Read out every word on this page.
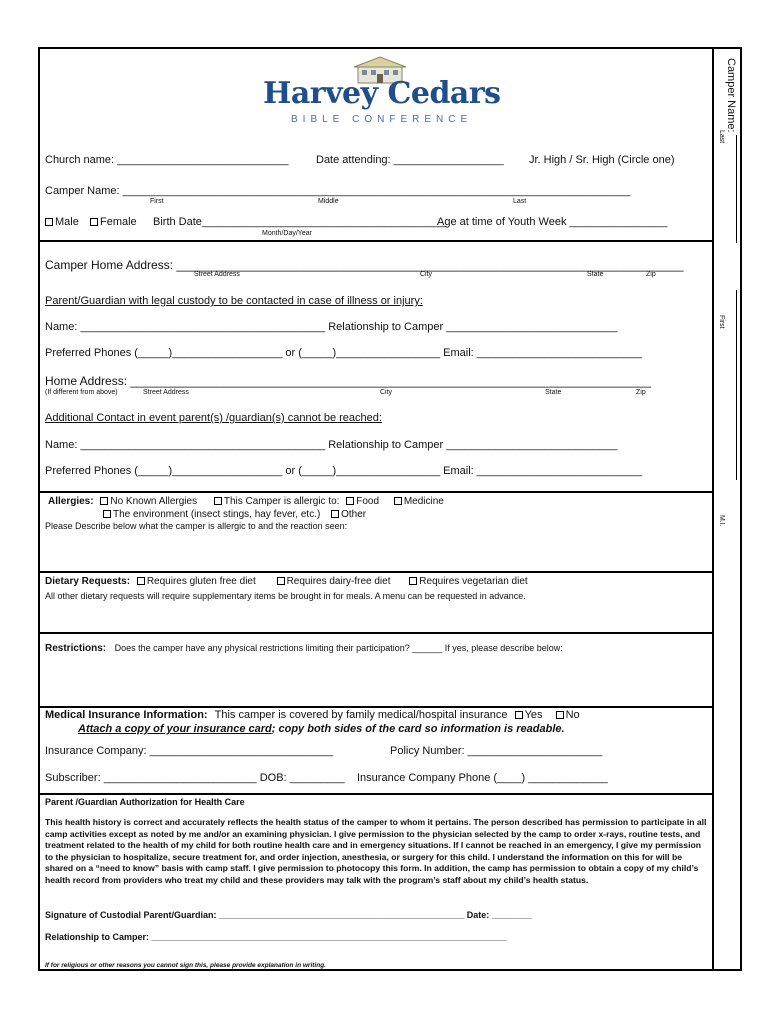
Camper Name:
Last
First
M.I.
Harvey Cedars
BIBLE CONFERENCE
Church name: ____________________________	Date attending: __________________ Jr. High / Sr. High (Circle one)
Camper Name: ___________________________________________________________________________________
First	Middle	Last
Male	Female Birth Date________________________________________
Age at time of Youth Week ________________
Month/Day/Year
Camper Home Address: ____________________________________________________________________________
Street Address	City	State	Zip
Parent/Guardian with legal custody to be contacted in case of illness or injury:
Name: ________________________________________ Relationship to Camper ____________________________
Preferred Phones (_____)__________________ or (_____)_________________ Email: ___________________________
Home Address: ______________________________________________________________________________
(If different from above)	Street Address	City	State	Zip
Additional Contact in event parent(s) /guardian(s) cannot be reached:
Name: ________________________________________ Relationship to Camper ____________________________
Preferred Phones (_____)__________________ or (_____)_________________ Email: ___________________________
Allergies: No Known Allergies	This Camper is allergic to: Food Medicine
The environment (insect stings, hay fever, etc.) Other
Please Describe below what the camper is allergic to and the reaction seen:
Dietary Requests: Requires gluten free diet	Requires dairy-free diet	Requires vegetarian diet
All other dietary requests will require supplementary items be brought in for meals. A menu can be requested in advance.
Restrictions: Does the camper have any physical restrictions limiting their participation? ______ If yes, please describe below:
Medical Insurance Information: This camper is covered by family medical/hospital insurance Yes No
Attach a copy of your insurance card; copy both sides of the card so information is readable.
Insurance Company: ______________________________	Policy Number: ______________________
Subscriber: _________________________ DOB: _________ Insurance Company Phone (____) _____________
Parent /Guardian Authorization for Health Care
This health history is correct and accurately reflects the health status of the camper to whom it pertains. The person described has permission to participate in all camp activities except as noted by me and/or an examining physician. I give permission to the physician selected by the camp to order x-rays, routine tests, and treatment related to the health of my child for both routine health care and in emergency situations. If I cannot be reached in an emergency, I give my permission to the physician to hospitalize, secure treatment for, and order injection, anesthesia, or surgery for this child. I understand the information on this for will be shared on a “need to know” basis with camp staff. I give permission to photocopy this form. In addition, the camp has permission to obtain a copy of my child’s health record from providers who treat my child and these providers may talk with the program’s staff about my child’s health status.
Signature of Custodial Parent/Guardian: _________________________________________________ Date: ________
Relationship to Camper: _______________________________________________________________________
If for religious or other reasons you cannot sign this, please provide explanation in writing.
